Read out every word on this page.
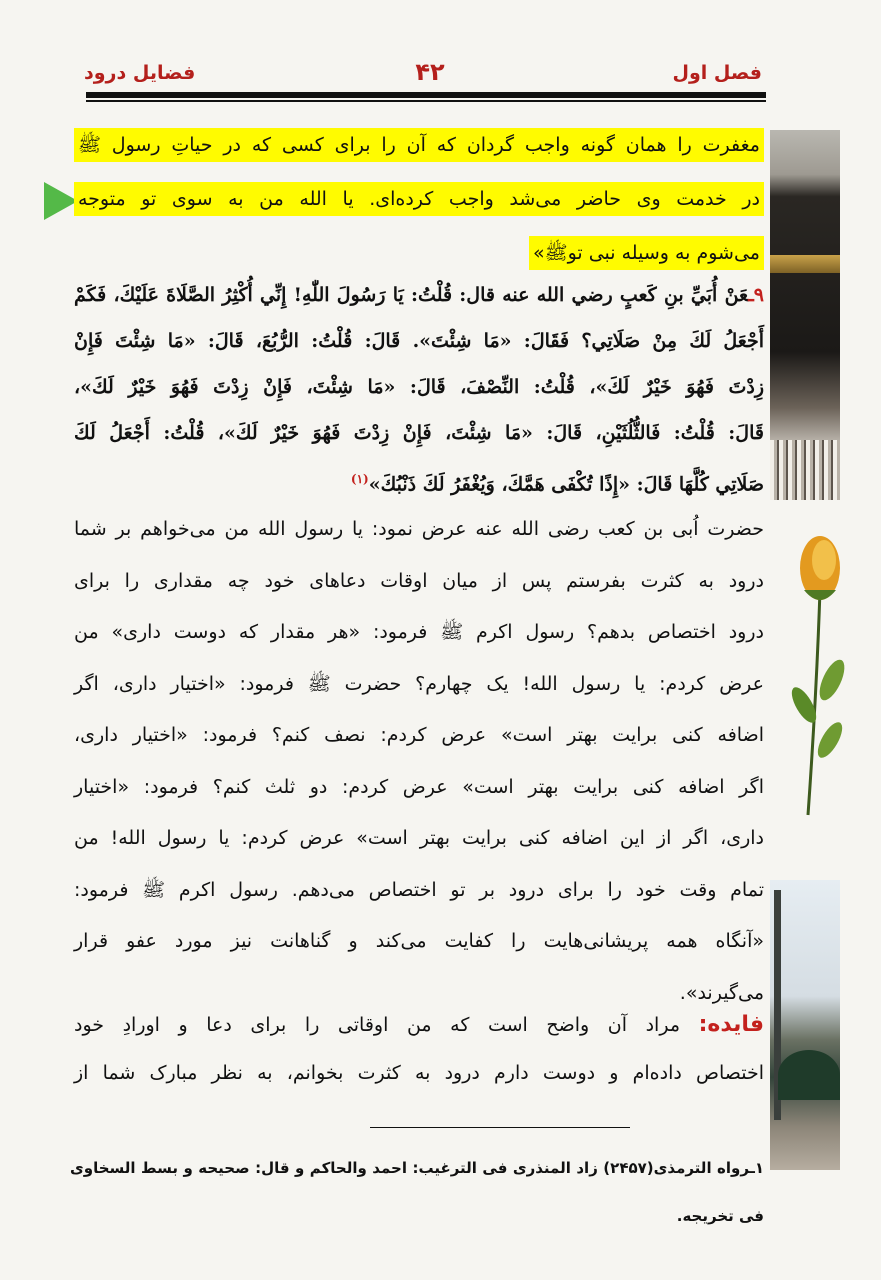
فصل اول
۴۲
فضایل درود
مغفرت را همان گونه واجب گردان که آن را برای کسی که در حیاتِ رسول ﷺ
در خدمت وی حاضر می‌شد واجب کرده‌ای. یا الله من به سوی تو متوجه
می‌شوم به وسیله نبی توﷺ»
۹ـعَنْ أُبَيِّ بنِ كَعبٍ رضي الله عنه قال: قُلْتُ: يَا رَسُولَ اللّٰهِ! إِنِّي أُكْثِرُ الصَّلَاةَ عَلَيْكَ، فَكَمْ
أَجْعَلُ لَكَ مِنْ صَلَاتِي؟ فَقَالَ: «مَا شِئْتَ». قَالَ: قُلْتُ: الرُّبُعَ، قَالَ: «مَا شِئْتَ فَإِنْ
زِدْتَ فَهُوَ خَيْرٌ لَكَ»، قُلْتُ: النِّصْفَ، قَالَ: «مَا شِئْتَ، فَإِنْ زِدْتَ فَهُوَ خَيْرٌ لَكَ»،
قَالَ: قُلْتُ: فَالثُّلُثَيْنِ، قَالَ: «مَا شِئْتَ، فَإِنْ زِدْتَ فَهُوَ خَيْرٌ لَكَ»، قُلْتُ: أَجْعَلُ لَكَ
صَلَاتِي كُلَّهَا قَالَ: «إِذًا تُكْفَى هَمَّكَ، وَيُغْفَرُ لَكَ ذَنْبُكَ»$^{(۱)}$
حضرت اُبی بن کعب رضی الله عنه عرض نمود: یا رسول الله من می‌خواهم بر شما
درود به کثرت بفرستم پس از میان اوقات دعاهای خود چه مقداری را برای
درود اختصاص بدهم؟ رسول اکرم ﷺ فرمود: «هر مقدار که دوست داری» من
عرض کردم: یا رسول الله! یک چهارم؟ حضرت ﷺ فرمود: «اختیار داری، اگر
اضافه کنی برایت بهتر است» عرض کردم: نصف کنم؟ فرمود: «اختیار داری،
اگر اضافه کنی برایت بهتر است» عرض کردم: دو ثلث کنم؟ فرمود: «اختیار
داری، اگر از این اضافه کنی برایت بهتر است» عرض کردم: یا رسول الله! من
تمام وقت خود را برای درود بر تو اختصاص می‌دهم. رسول اکرم ﷺ فرمود:
«آنگاه همه پریشانی‌هایت را کفایت می‌کند و گناهانت نیز مورد عفو قرار
می‌گیرند».
فایده: مراد آن واضح است که من اوقاتی را برای دعا و اورادِ خود
اختصاص داده‌ام و دوست دارم درود به کثرت بخوانم، به نظر مبارک شما از
۱ـرواه الترمذی(۲۴۵۷) زاد المنذری فی الترغیب: احمد والحاکم و قال: صحیحه و بسط السخاوی
فی تخریجه.
